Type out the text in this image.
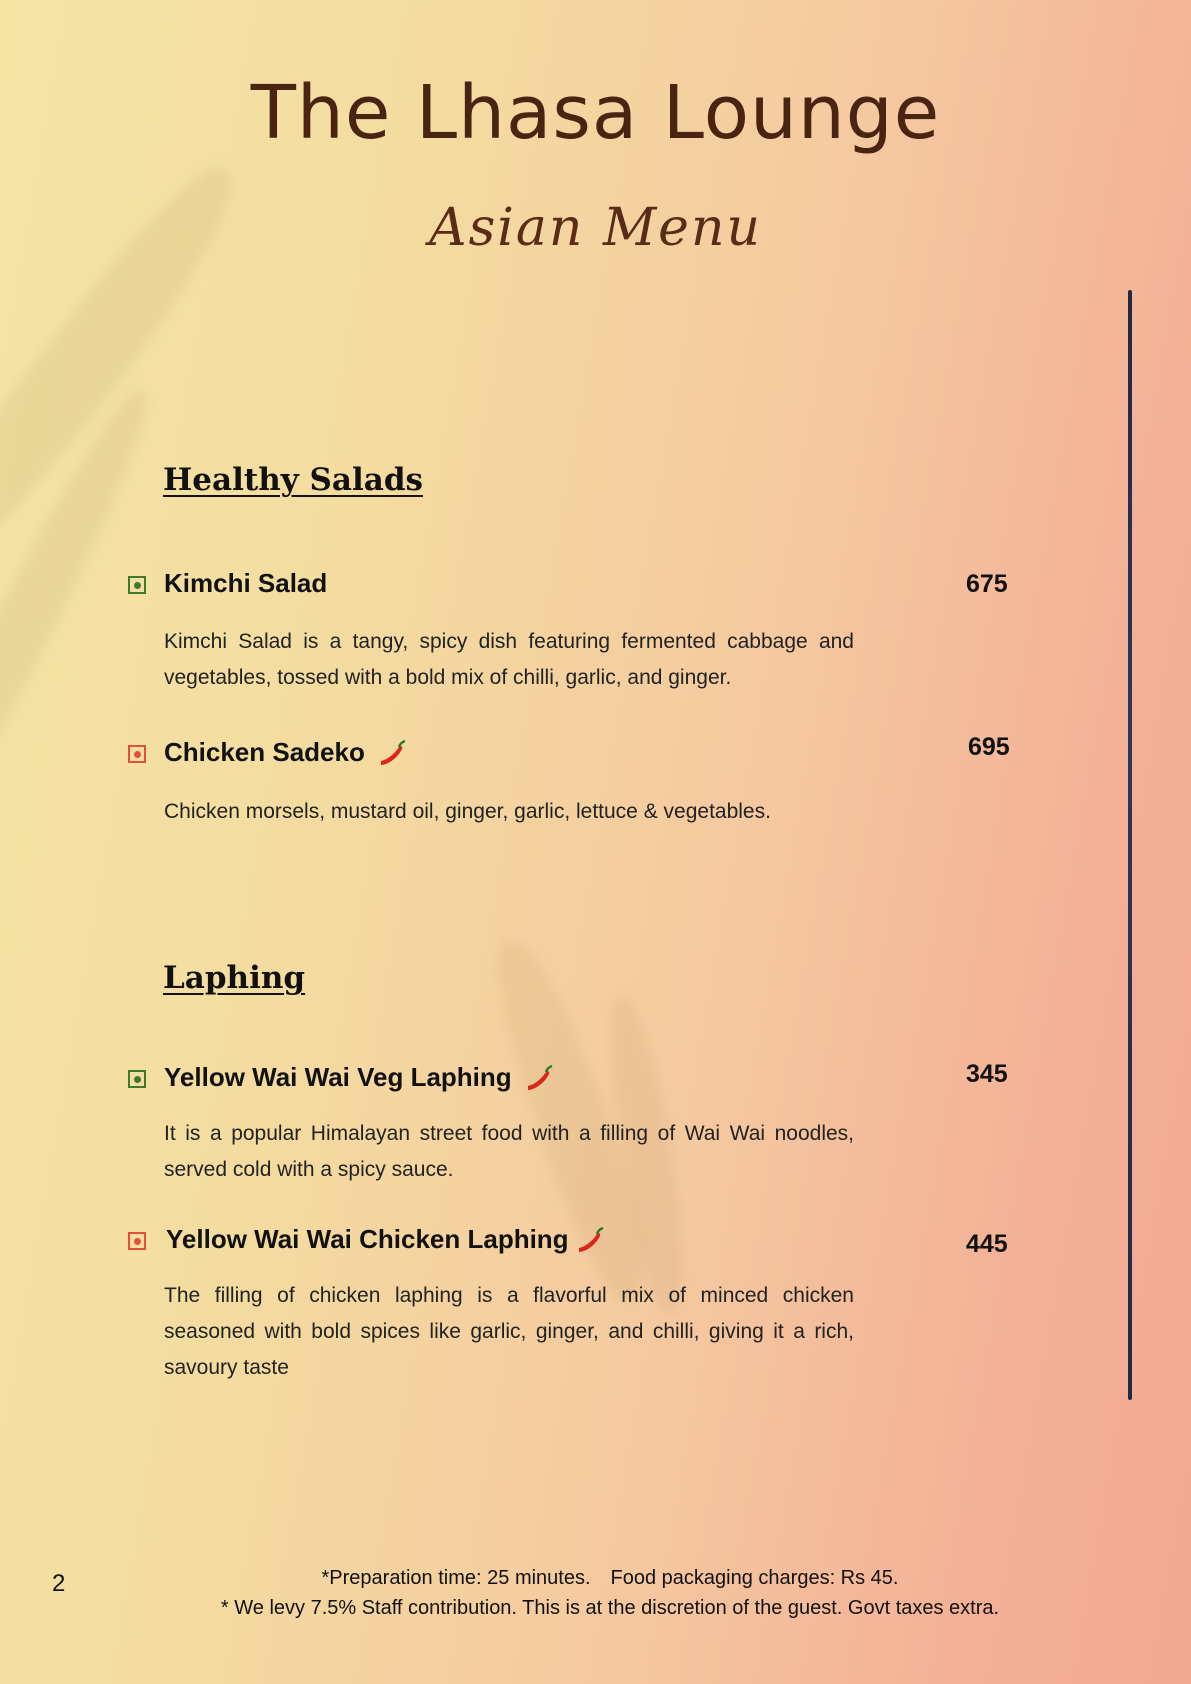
The Lhasa Lounge
Asian Menu
Healthy Salads
Kimchi Salad	675
Kimchi Salad is a tangy, spicy dish featuring fermented cabbage and vegetables, tossed with a bold mix of chilli, garlic, and ginger.
Chicken Sadeko	695
Chicken morsels, mustard oil, ginger, garlic, lettuce & vegetables.
Laphing
Yellow Wai Wai Veg Laphing	345
It is a popular Himalayan street food with a filling of Wai Wai noodles, served cold with a spicy sauce.
Yellow Wai Wai Chicken Laphing	445
The filling of chicken laphing is a flavorful mix of minced chicken seasoned with bold spices like garlic, ginger, and chilli, giving it a rich, savoury taste
2	*Preparation time: 25 minutes. Food packaging charges: Rs 45.
* We levy 7.5% Staff contribution. This is at the discretion of the guest. Govt taxes extra.
